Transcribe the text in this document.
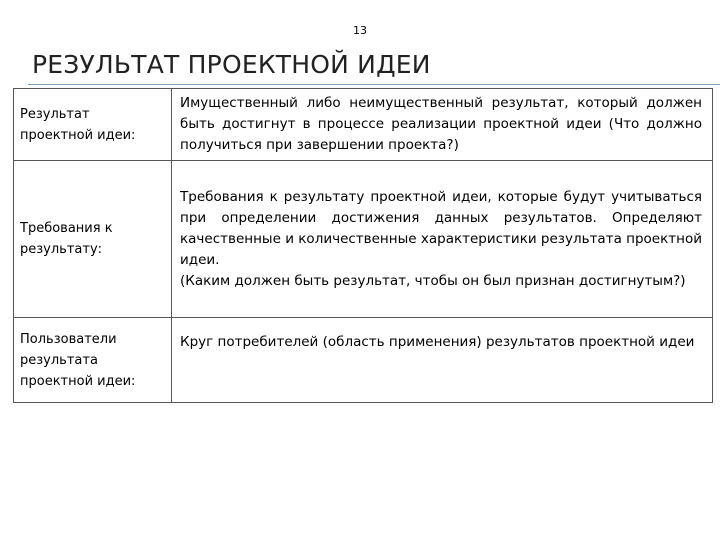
13
РЕЗУЛЬТАТ ПРОЕКТНОЙ ИДЕИ
Результат проектной идеи:	Имущественный либо неимущественный результат, который должен быть достигнут в процессе реализации проектной идеи (Что должно получиться при завершении проекта?)

Требования к результату:	Требования к результату проектной идеи, которые будут учитываться при определении достижения данных результатов. Определяют качественные и количественные характеристики результата проектной идеи.

(Каким должен быть результат, чтобы он был признан достигнутым?)

Пользователи результата проектной идеи:	Круг потребителей (область применения) результатов проектной идеи
